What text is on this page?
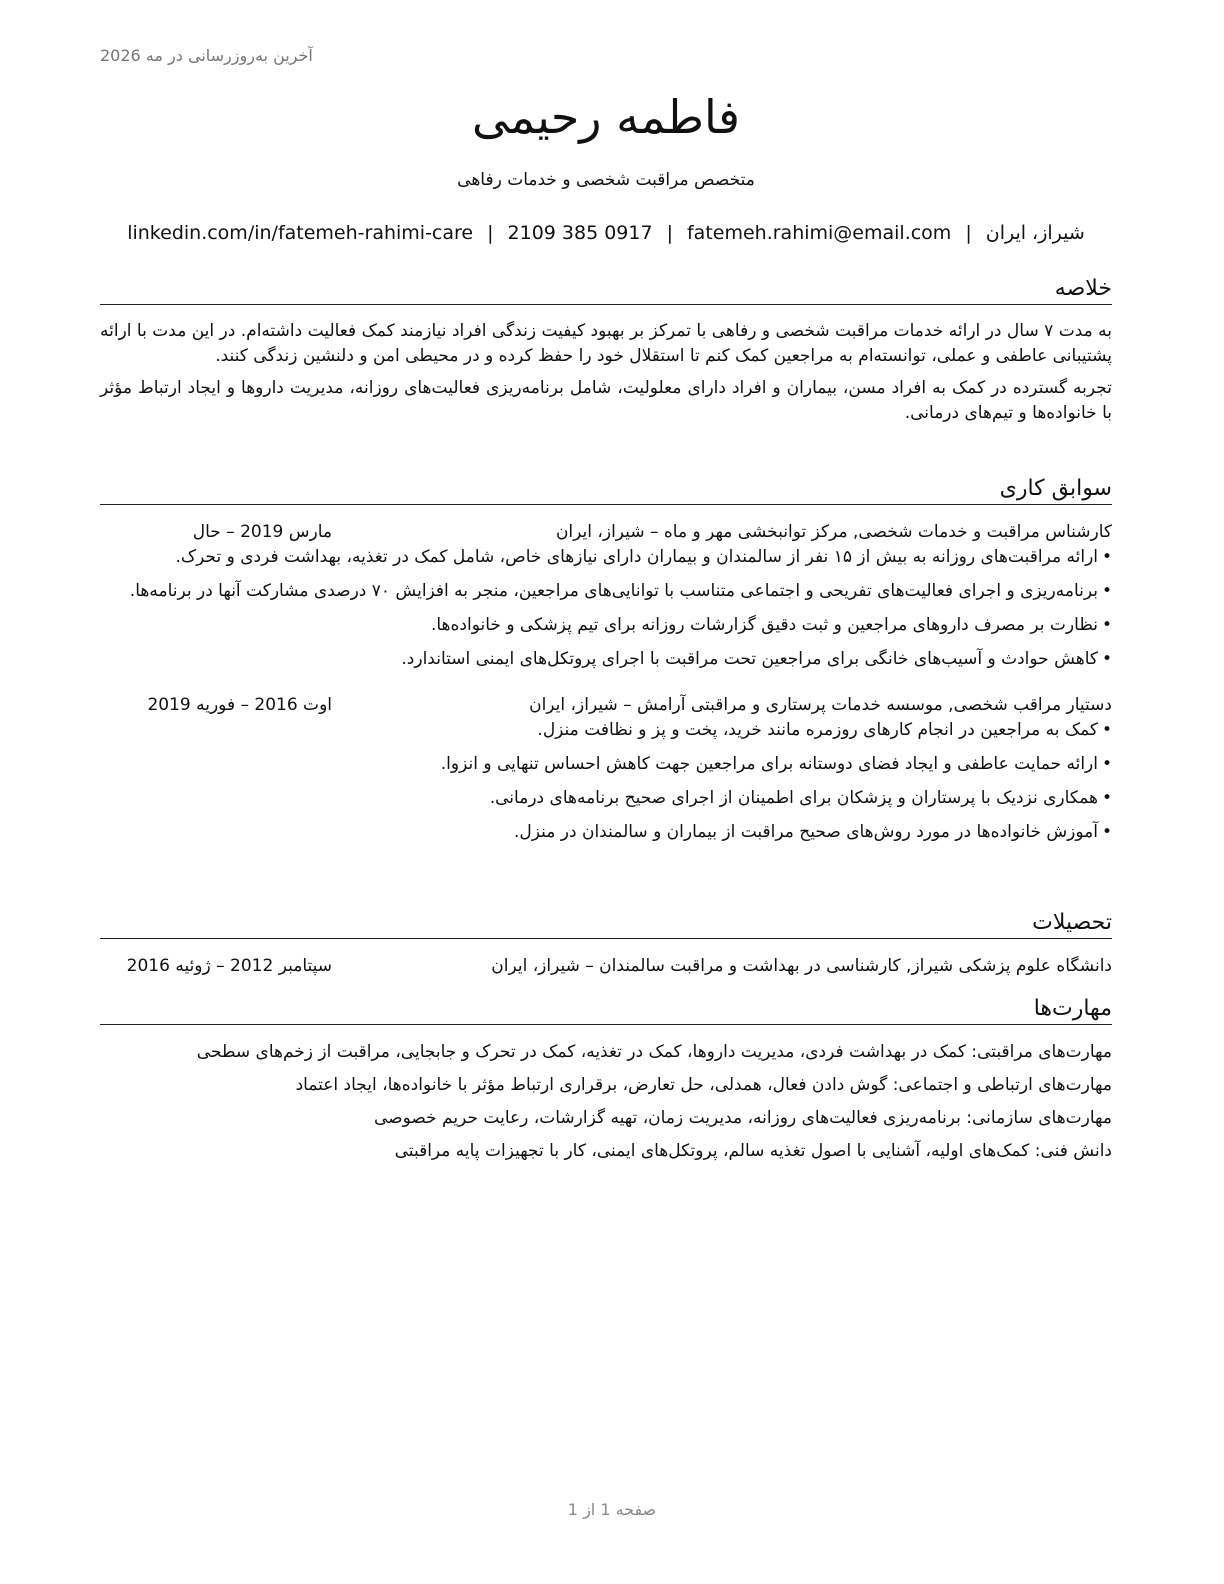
آخرین به‌روزرسانی در مه 2026
فاطمه رحیمی

متخصص مراقبت شخصی و خدمات رفاهی

linkedin.com/in/fatemeh-rahimi-care | 2109 385 0917 | fatemeh.rahimi@email.com | شیراز، ایران
خلاصه

به مدت ۷ سال در ارائه خدمات مراقبت شخصی و رفاهی با تمرکز بر بهبود کیفیت زندگی افراد نیازمند کمک فعالیت داشته‌ام. در این مدت با ارائه پشتیبانی عاطفی و عملی، توانسته‌ام به مراجعین کمک کنم تا استقلال خود را حفظ کرده و در محیطی امن و دلنشین زندگی کنند.

تجربه گسترده در کمک به افراد مسن، بیماران و افراد دارای معلولیت، شامل برنامه‌ریزی فعالیت‌های روزانه، مدیریت داروها و ایجاد ارتباط مؤثر با خانواده‌ها و تیم‌های درمانی.

سوابق کاری
کارشناس مراقبت و خدمات شخصی, مرکز توانبخشی مهر و ماه – شیراز، ایران
مارس 2019 – حال
• ارائه مراقبت‌های روزانه به بیش از ۱۵ نفر از سالمندان و بیماران دارای نیازهای خاص، شامل کمک در تغذیه، بهداشت فردی و تحرک.
• برنامه‌ریزی و اجرای فعالیت‌های تفریحی و اجتماعی متناسب با توانایی‌های مراجعین، منجر به افزایش ۷۰ درصدی مشارکت آنها در برنامه‌ها.
• نظارت بر مصرف داروهای مراجعین و ثبت دقیق گزارشات روزانه برای تیم پزشکی و خانواده‌ها.
• کاهش حوادث و آسیب‌های خانگی برای مراجعین تحت مراقبت با اجرای پروتکل‌های ایمنی استاندارد.
دستیار مراقب شخصی, موسسه خدمات پرستاری و مراقبتی آرامش – شیراز، ایران
اوت 2016 – فوریه 2019
• کمک به مراجعین در انجام کارهای روزمره مانند خرید، پخت و پز و نظافت منزل.
• ارائه حمایت عاطفی و ایجاد فضای دوستانه برای مراجعین جهت کاهش احساس تنهایی و انزوا.
• همکاری نزدیک با پرستاران و پزشکان برای اطمینان از اجرای صحیح برنامه‌های درمانی.
• آموزش خانواده‌ها در مورد روش‌های صحیح مراقبت از بیماران و سالمندان در منزل.
تحصیلات
دانشگاه علوم پزشکی شیراز, کارشناسی در بهداشت و مراقبت سالمندان – شیراز، ایران
سپتامبر 2012 – ژوئیه 2016
مهارت‌ها
مهارت‌های مراقبتی: کمک در بهداشت فردی، مدیریت داروها، کمک در تغذیه، کمک در تحرک و جابجایی، مراقبت از زخم‌های سطحی
مهارت‌های ارتباطی و اجتماعی: گوش دادن فعال، همدلی، حل تعارض، برقراری ارتباط مؤثر با خانواده‌ها، ایجاد اعتماد
مهارت‌های سازمانی: برنامه‌ریزی فعالیت‌های روزانه، مدیریت زمان، تهیه گزارشات، رعایت حریم خصوصی
دانش فنی: کمک‌های اولیه، آشنایی با اصول تغذیه سالم، پروتکل‌های ایمنی، کار با تجهیزات پایه مراقبتی
صفحه 1 از 1
